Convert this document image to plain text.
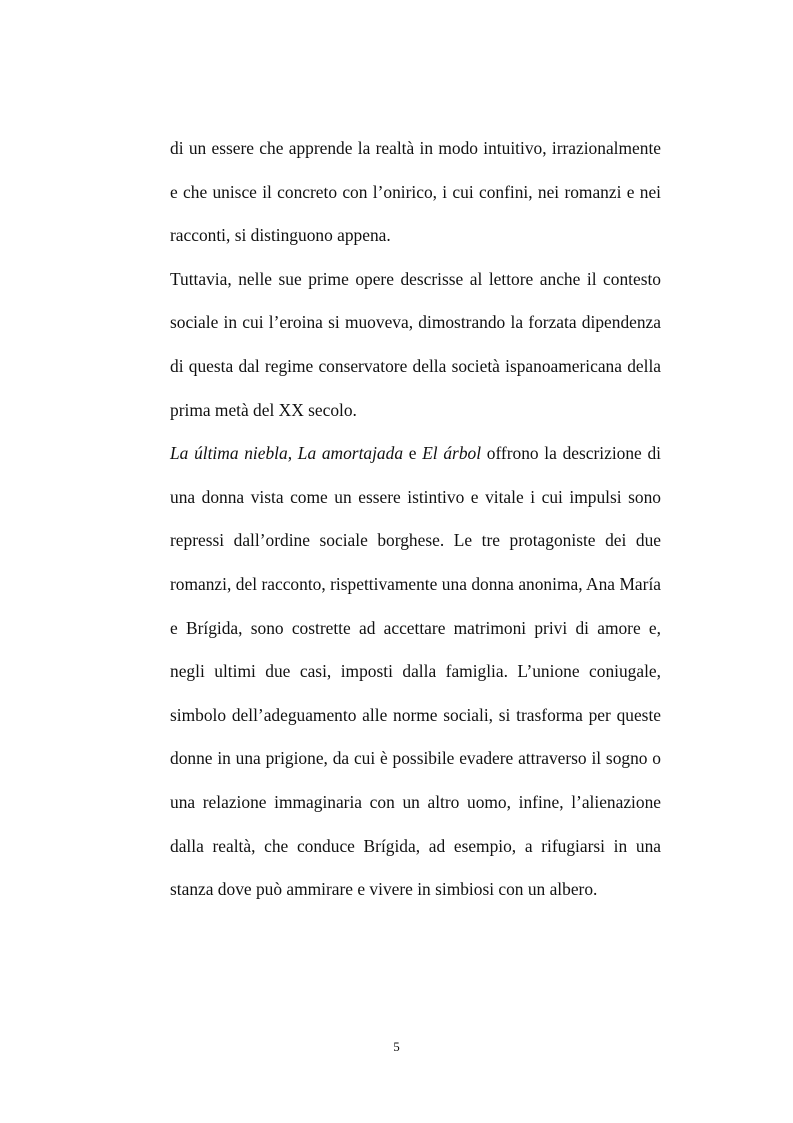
di un essere che apprende la realtà in modo intuitivo, irrazionalmente e che unisce il concreto con l’onirico, i cui confini, nei romanzi e nei racconti, si distinguono appena.

Tuttavia, nelle sue prime opere descrisse al lettore anche il contesto sociale in cui l’eroina si muoveva, dimostrando la forzata dipendenza di questa dal regime conservatore della società ispanoamericana della prima metà del XX secolo.

La última niebla, La amortajada e El árbol offrono la descrizione di una donna vista come un essere istintivo e vitale i cui impulsi sono repressi dall’ordine sociale borghese. Le tre protagoniste dei due romanzi, del racconto, rispettivamente una donna anonima, Ana María e Brígida, sono costrette ad accettare matrimoni privi di amore e, negli ultimi due casi, imposti dalla famiglia. L’unione coniugale, simbolo dell’adeguamento alle norme sociali, si trasforma per queste donne in una prigione, da cui è possibile evadere attraverso il sogno o una relazione immaginaria con un altro uomo, infine, l’alienazione dalla realtà, che conduce Brígida, ad esempio, a rifugiarsi in una stanza dove può ammirare e vivere in simbiosi con un albero.

5
